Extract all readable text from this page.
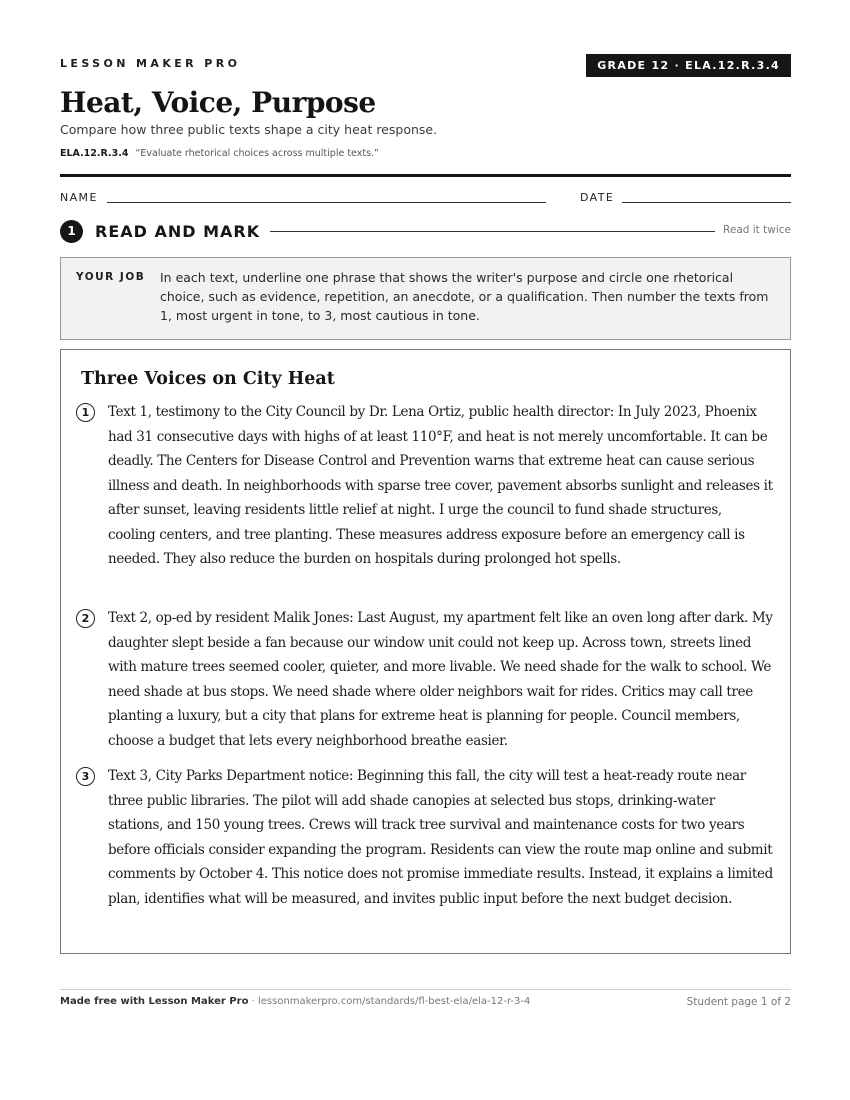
LESSON MAKER PRO	GRADE 12 · ELA.12.R.3.4
Heat, Voice, Purpose
Compare how three public texts shape a city heat response.
ELA.12.R.3.4 “Evaluate rhetorical choices across multiple texts.”
NAME	DATE
1	READ AND MARK	Read it twice
YOUR JOB In each text, underline one phrase that shows the writer's purpose and circle one rhetorical choice, such as evidence, repetition, an anecdote, or a qualification. Then number the texts from 1, most urgent in tone, to 3, most cautious in tone.
Three Voices on City Heat
1	Text 1, testimony to the City Council by Dr. Lena Ortiz, public health director: In July 2023, Phoenix had 31 consecutive days with highs of at least 110°F, and heat is not merely uncomfortable. It can be deadly. The Centers for Disease Control and Prevention warns that extreme heat can cause serious illness and death. In neighborhoods with sparse tree cover, pavement absorbs sunlight and releases it after sunset, leaving residents little relief at night. I urge the council to fund shade structures, cooling centers, and tree planting. These measures address exposure before an emergency call is needed. They also reduce the burden on hospitals during prolonged hot spells.

2	Text 2, op-ed by resident Malik Jones: Last August, my apartment felt like an oven long after dark. My daughter slept beside a fan because our window unit could not keep up. Across town, streets lined with mature trees seemed cooler, quieter, and more livable. We need shade for the walk to school. We need shade at bus stops. We need shade where older neighbors wait for rides. Critics may call tree planting a luxury, but a city that plans for extreme heat is planning for people. Council members, choose a budget that lets every neighborhood breathe easier.

3	Text 3, City Parks Department notice: Beginning this fall, the city will test a heat-ready route near three public libraries. The pilot will add shade canopies at selected bus stops, drinking-water stations, and 150 young trees. Crews will track tree survival and maintenance costs for two years before officials consider expanding the program. Residents can view the route map online and submit comments by October 4. This notice does not promise immediate results. Instead, it explains a limited plan, identifies what will be measured, and invites public input before the next budget decision.

Made free with Lesson Maker Pro · lessonmakerpro.com/standards/fl-best-ela/ela-12-r-3-4	Student page 1 of 2
